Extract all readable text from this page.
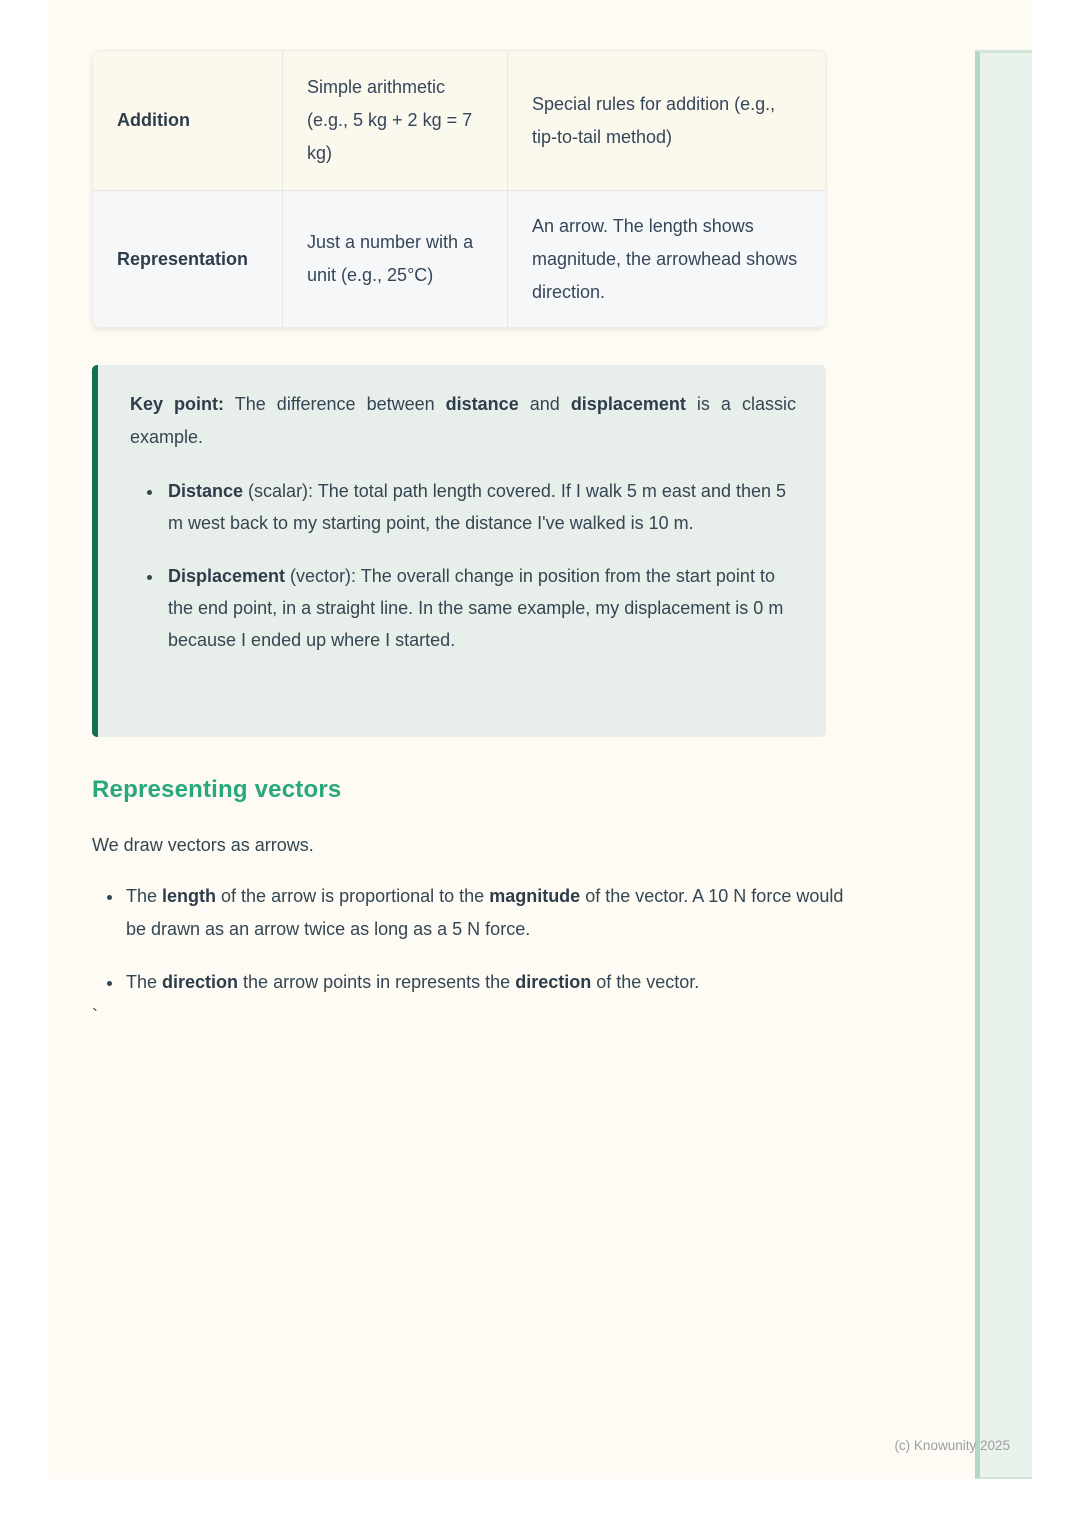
Addition
Simple arithmetic (e.g., 5 kg + 2 kg = 7 kg)
Special rules for addition (e.g., tip-to-tail method)
Representation
Just a number with a unit (e.g., 25°C)
An arrow. The length shows magnitude, the arrowhead shows direction.

Key point: The difference between distance and displacement is a classic example.

• Distance (scalar): The total path length covered. If I walk 5 m east and then 5 m west back to my starting point, the distance I've walked is 10 m.
• Displacement (vector): The overall change in position from the start point to the end point, in a straight line. In the same example, my displacement is 0 m because I ended up where I started.
Representing vectors

We draw vectors as arrows.

• The length of the arrow is proportional to the magnitude of the vector. A 10 N force would be drawn as an arrow twice as long as a 5 N force.
• The direction the arrow points in represents the direction of the vector.
`
(c) Knowunity 2025
